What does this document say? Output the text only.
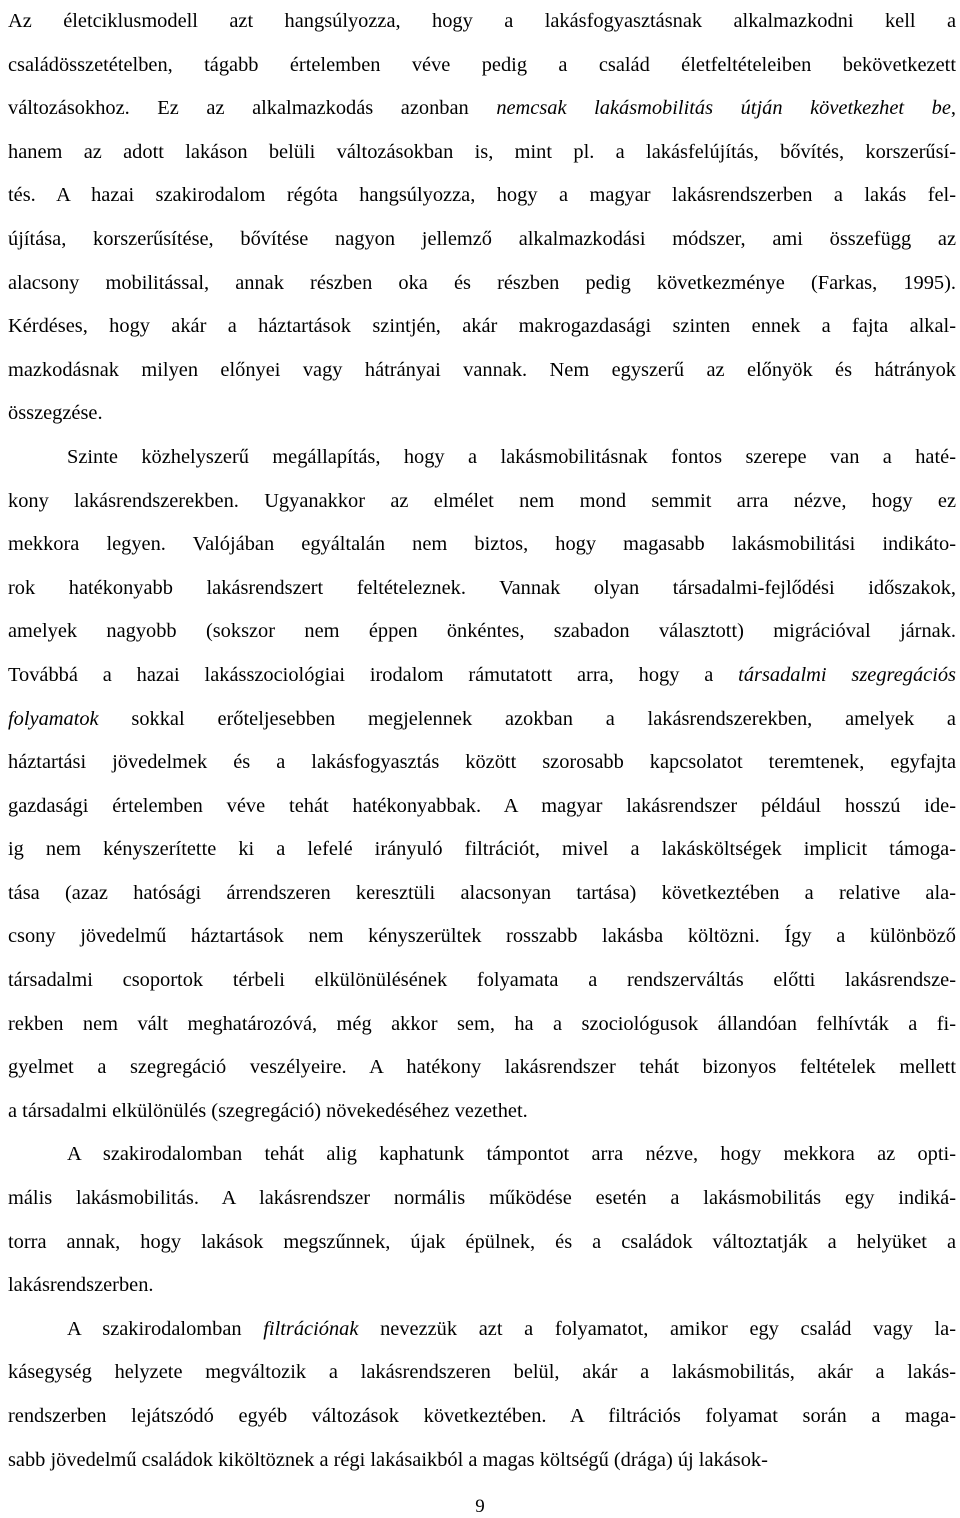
Az életciklusmodell azt hangsúlyozza, hogy a lakásfogyasztásnak alkalmazkodni kell a
családösszetételben, tágabb értelemben véve pedig a család életfeltételeiben bekövetkezett
változásokhoz. Ez az alkalmazkodás azonban nemcsak lakásmobilitás útján következhet be,
hanem az adott lakáson belüli változásokban is, mint pl. a lakásfelújítás, bővítés, korszerűsí-
tés. A hazai szakirodalom régóta hangsúlyozza, hogy a magyar lakásrendszerben a lakás fel-
újítása, korszerűsítése, bővítése nagyon jellemző alkalmazkodási módszer, ami összefügg az
alacsony mobilitással, annak részben oka és részben pedig következménye (Farkas, 1995).
Kérdéses, hogy akár a háztartások szintjén, akár makrogazdasági szinten ennek a fajta alkal-
mazkodásnak milyen előnyei vagy hátrányai vannak. Nem egyszerű az előnyök és hátrányok
összegzése.
Szinte közhelyszerű megállapítás, hogy a lakásmobilitásnak fontos szerepe van a haté-
kony lakásrendszerekben. Ugyanakkor az elmélet nem mond semmit arra nézve, hogy ez
mekkora legyen. Valójában egyáltalán nem biztos, hogy magasabb lakásmobilitási indikáto-
rok hatékonyabb lakásrendszert feltételeznek. Vannak olyan társadalmi-fejlődési időszakok,
amelyek nagyobb (sokszor nem éppen önkéntes, szabadon választott) migrációval járnak.
Továbbá a hazai lakásszociológiai irodalom rámutatott arra, hogy a társadalmi szegregációs
folyamatok sokkal erőteljesebben megjelennek azokban a lakásrendszerekben, amelyek a
háztartási jövedelmek és a lakásfogyasztás között szorosabb kapcsolatot teremtenek, egyfajta
gazdasági értelemben véve tehát hatékonyabbak. A magyar lakásrendszer például hosszú ide-
ig nem kényszerítette ki a lefelé irányuló filtrációt, mivel a lakásköltségek implicit támoga-
tása (azaz hatósági árrendszeren keresztüli alacsonyan tartása) következtében a relative ala-
csony jövedelmű háztartások nem kényszerültek rosszabb lakásba költözni. Így a különböző
társadalmi csoportok térbeli elkülönülésének folyamata a rendszerváltás előtti lakásrendsze-
rekben nem vált meghatározóvá, még akkor sem, ha a szociológusok állandóan felhívták a fi-
gyelmet a szegregáció veszélyeire. A hatékony lakásrendszer tehát bizonyos feltételek mellett
a társadalmi elkülönülés (szegregáció) növekedéséhez vezethet.
A szakirodalomban tehát alig kaphatunk támpontot arra nézve, hogy mekkora az opti-
mális lakásmobilitás. A lakásrendszer normális működése esetén a lakásmobilitás egy indiká-
torra annak, hogy lakások megszűnnek, újak épülnek, és a családok változtatják a helyüket a
lakásrendszerben.
A szakirodalomban filtrációnak nevezzük azt a folyamatot, amikor egy család vagy la-
kásegység helyzete megváltozik a lakásrendszeren belül, akár a lakásmobilitás, akár a lakás-
rendszerben lejátszódó egyéb változások következtében. A filtrációs folyamat során a maga-
sabb jövedelmű családok kiköltöznek a régi lakásaikból a magas költségű (drága) új lakások-
9
